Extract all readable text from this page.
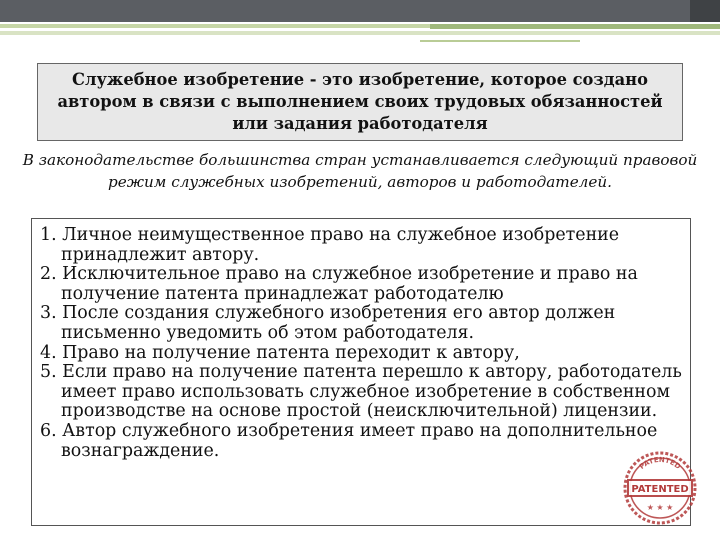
Служебное изобретение - это изобретение, которое создано автором в связи с выполнением своих трудовых обязанностей или задания работодателя
В законодательстве большинства стран устанавливается следующий правовой режим служебных изобретений, авторов и работодателей.

1. Личное неимущественное право на служебное изобретение принадлежит автору.

2. Исключительное право на служебное изобретение и право на получение патента принадлежат работодателю

3. После создания служебного изобретения его автор должен письменно уведомить об этом работодателя.

4. Право на получение патента переходит к автору,

5. Если право на получение патента перешло к автору, работодатель имеет право использовать служебное изобретение в собственном производстве на основе простой (неисключительной) лицензии.

6. Автор служебного изобретения имеет право на дополнительное вознаграждение.

PATENTED
PATENTED
★ ★ ★
